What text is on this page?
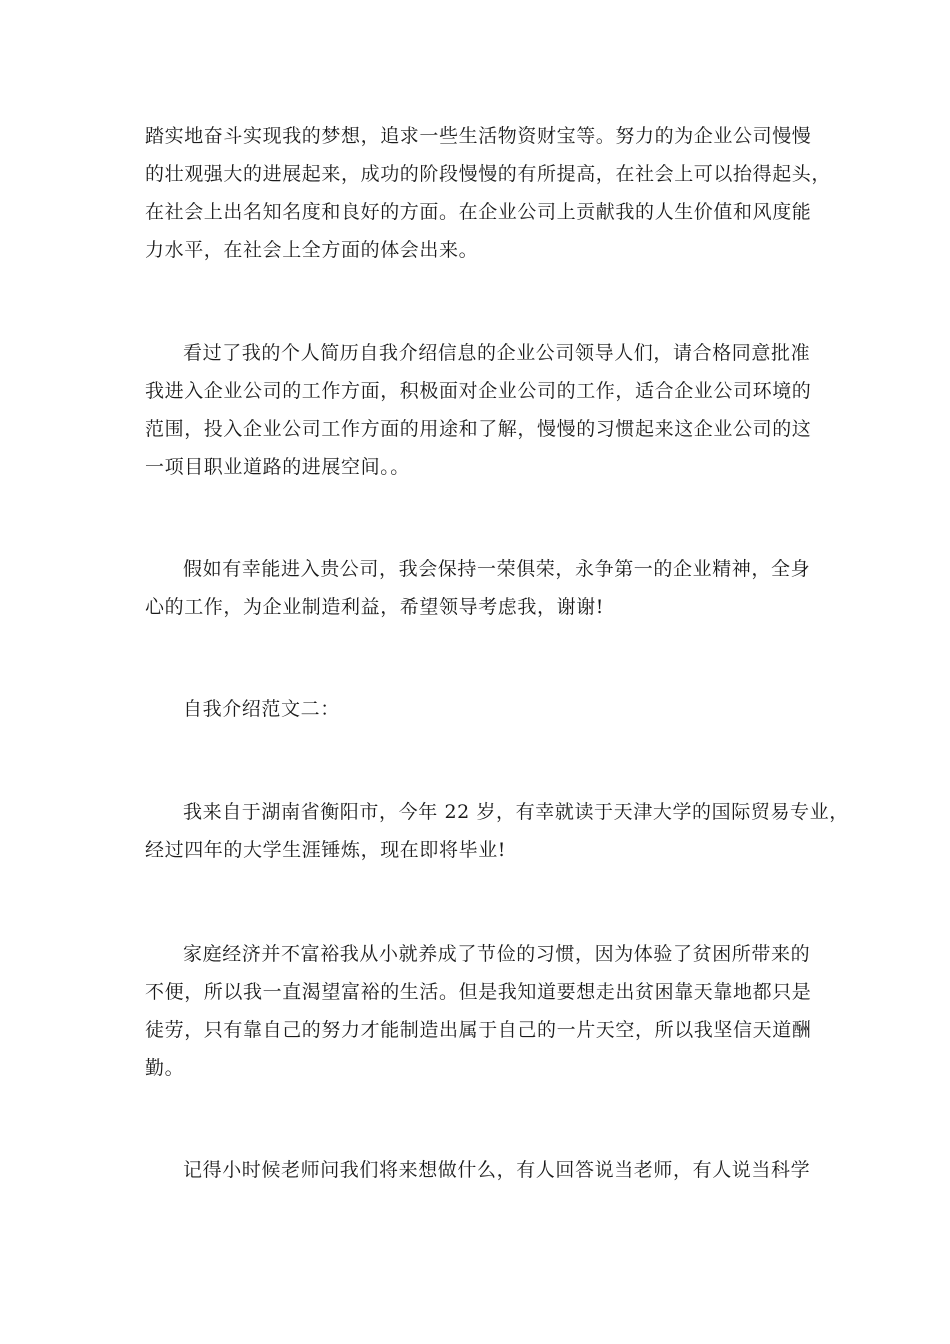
踏实地奋斗实现我的梦想，追求一些生活物资财宝等。努力的为企业公司慢慢
的壮观强大的进展起来，成功的阶段慢慢的有所提高，在社会上可以抬得起头，
在社会上出名知名度和良好的方面。在企业公司上贡献我的人生价值和风度能
力水平，在社会上全方面的体会出来。

看过了我的个人简历自我介绍信息的企业公司领导人们，请合格同意批准
我进入企业公司的工作方面，积极面对企业公司的工作，适合企业公司环境的
范围，投入企业公司工作方面的用途和了解，慢慢的习惯起来这企业公司的这
一项目职业道路的进展空间。。

假如有幸能进入贵公司，我会保持一荣俱荣，永争第一的企业精神，全身
心的工作，为企业制造利益，希望领导考虑我，谢谢!

自我介绍范文二：

我来自于湖南省衡阳市，今年 22 岁，有幸就读于天津大学的国际贸易专业，
经过四年的大学生涯锤炼，现在即将毕业!

家庭经济并不富裕我从小就养成了节俭的习惯，因为体验了贫困所带来的
不便，所以我一直渴望富裕的生活。但是我知道要想走出贫困靠天靠地都只是
徒劳，只有靠自己的努力才能制造出属于自己的一片天空，所以我坚信天道酬
勤。

记得小时候老师问我们将来想做什么，有人回答说当老师，有人说当科学
